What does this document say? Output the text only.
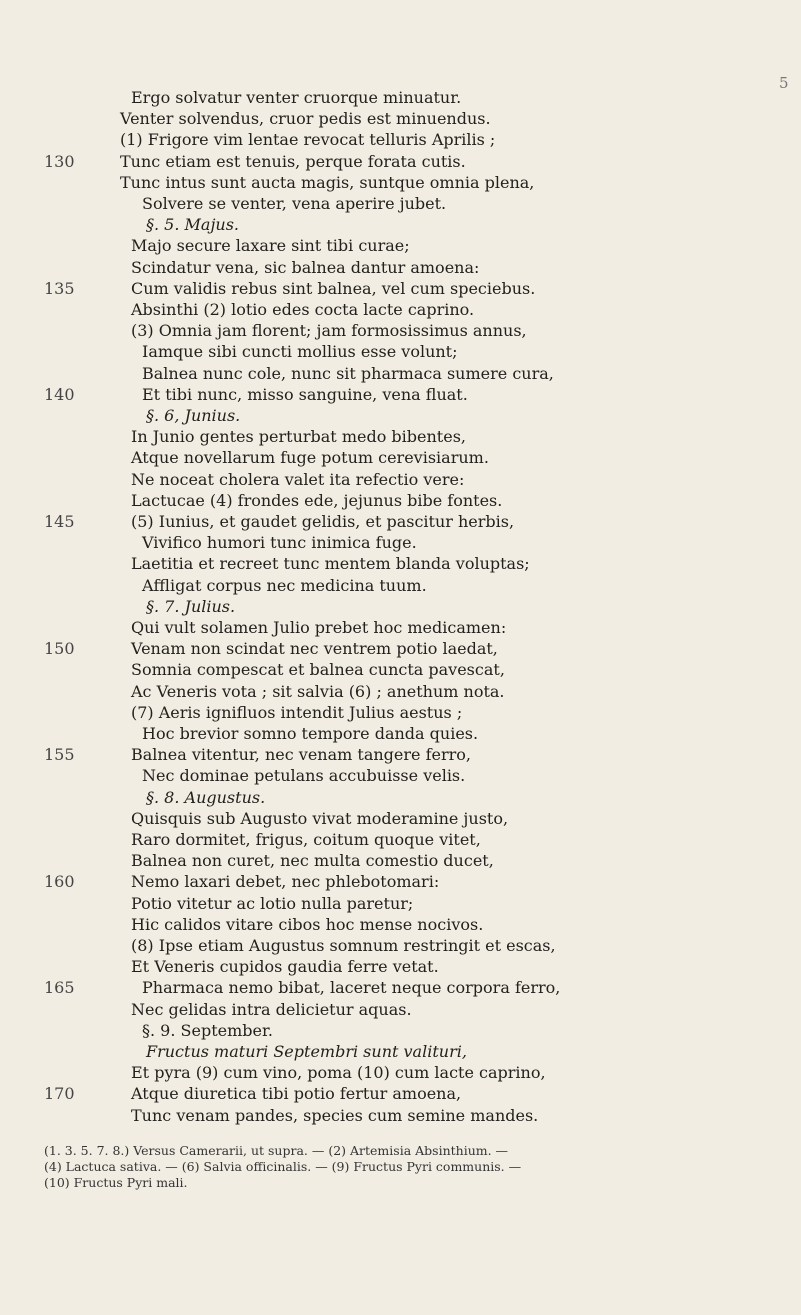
5
Ergo solvatur venter cruorque minuatur.
Venter solvendus, cruor pedis est minuendus.
(1) Frigore vim lentae revocat telluris Aprilis ;
Tunc etiam est tenuis, perque forata cutis.
130
Tunc intus sunt aucta magis, suntque omnia plena,
Solvere se venter, vena aperire jubet.
§. 5. Majus.
Majo secure laxare sint tibi curae;
Scindatur vena, sic balnea dantur amoena:
Cum validis rebus sint balnea, vel cum speciebus.
135
Absinthi (2) lotio edes cocta lacte caprino.
(3) Omnia jam florent; jam formosissimus annus,
Iamque sibi cuncti mollius esse volunt;
Balnea nunc cole, nunc sit pharmaca sumere cura,
Et tibi nunc, misso sanguine, vena fluat.
140
§. 6, Junius.
In Junio gentes perturbat medo bibentes,
Atque novellarum fuge potum cerevisiarum.
Ne noceat cholera valet ita refectio vere:
Lactucae (4) frondes ede, jejunus bibe fontes.
(5) Iunius, et gaudet gelidis, et pascitur herbis,
145
Vivifico humori tunc inimica fuge.
Laetitia et recreet tunc mentem blanda voluptas;
Affligat corpus nec medicina tuum.
§. 7. Julius.
Qui vult solamen Julio prebet hoc medicamen:
Venam non scindat nec ventrem potio laedat,
150
Somnia compescat et balnea cuncta pavescat,
Ac Veneris vota ; sit salvia (6) ; anethum nota.
(7) Aeris ignifluos intendit Julius aestus ;
Hoc brevior somno tempore danda quies.
Balnea vitentur, nec venam tangere ferro,
155
Nec dominae petulans accubuisse velis.
§. 8. Augustus.
Quisquis sub Augusto vivat moderamine justo,
Raro dormitet, frigus, coitum quoque vitet,
Balnea non curet, nec multa comestio ducet,
Nemo laxari debet, nec phlebotomari:
160
Potio vitetur ac lotio nulla paretur;
Hic calidos vitare cibos hoc mense nocivos.
(8) Ipse etiam Augustus somnum restringit et escas,
Et Veneris cupidos gaudia ferre vetat.
Pharmaca nemo bibat, laceret neque corpora ferro,
165
Nec gelidas intra delicietur aquas.
§. 9. September.
Fructus maturi Septembri sunt valituri,
Et pyra (9) cum vino, poma (10) cum lacte caprino,
Atque diuretica tibi potio fertur amoena,
170
Tunc venam pandes, species cum semine mandes.
(1. 3. 5. 7. 8.) Versus Camerarii, ut supra. — (2) Artemisia Absinthium. —
(4) Lactuca sativa. — (6) Salvia officinalis. — (9) Fructus Pyri communis. —
(10) Fructus Pyri mali.
